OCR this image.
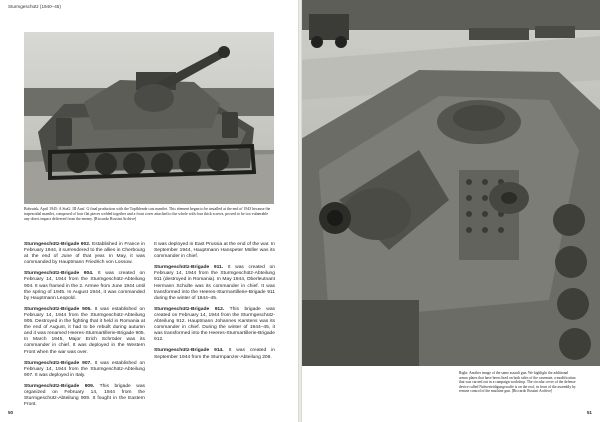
Sturmgeschütz (1940–45)
Bobruisk, April 1945: A StuG. III Ausf. G final production with the Topfblende cast mantlet. This element began to be installed at the end of 1943 because the trapezoidal mantlet, composed of four flat pieces welded together and a front cover attached to the whole with four thick screws, proved to be too vulnerable any direct impact delivered from the enemy. [Riccardo Rossini Archive]

Sturmgeschütz-Brigade 902. Established in France in February 1944, it surrendered to the allies in Cherbourg at the end of June of that year. In May, it was commanded by Hauptmann Friedrich von Lossow.

Sturmgeschütz-Brigade 904. It was created on February 14, 1944 from the Sturmgeschütz-Abteilung 904. It was framed in the 2. Armee from June 1944 until the spring of 1945. In August 1944, it was commanded by Hauptmann Leopold.

Sturmgeschütz-Brigade 905. It was established on February 14, 1944 from the Sturmgeschütz-Abteilung 905. Destroyed in the fighting that it held in Romania at the end of August, it had to be rebuilt during autumn and it was renamed Heeres-Sturmartillerie-Brigade 905. In March 1945, Major Erich Schröder was its commander in chief. It was deployed in the Western Front when the war was over.

Sturmgeschütz-Brigade 907. It was established on February 14, 1944 from the Sturmgeschütz-Abteilung 907. It was deployed in Italy.

Sturmgeschütz-Brigade 909. This brigade was organized on February 14, 1944 from the Sturmgeschütz-Abteilung 909. It fought in the Eastern Front.

It was deployed in East Prussia at the end of the war. In September 1944, Hauptmann Hanspeter Müller was its commander in chief.

Sturmgeschütz-Brigade 911. It was created on February 14, 1944 from the Sturmgeschütz-Abteilung 911 (destroyed in Romania). In May 1944, Oberleutnant Hermann Schulte was its commander in chief. It was transformed into the Heeres-Sturmartillerie-Brigade 911 during the winter of 1944–45.

Sturmgeschütz-Brigade 912. This brigade was created on February 14, 1944 from the Sturmgeschütz-Abteilung 912. Hauptmann Johannes Karstens was its commander in chief. During the winter of 1944–45, it was transformed into the Heeres-Sturmartillerie-Brigade 912.

Sturmgeschütz-Brigade 914. It was created in September 1944 from the Sturmpanzer-Abteilung 208.

50
Right: Another image of the same assault gun. We highlight the additional armor plates that have been fixed on both sides of the casemate, a modification that was carried out in a campaign workshop. The circular cover of the defense device called Nahverteidigungswaffe is on the roof, in front of the assembly by remote control of the machine gun. [Riccardo Rossini Archive]
51
